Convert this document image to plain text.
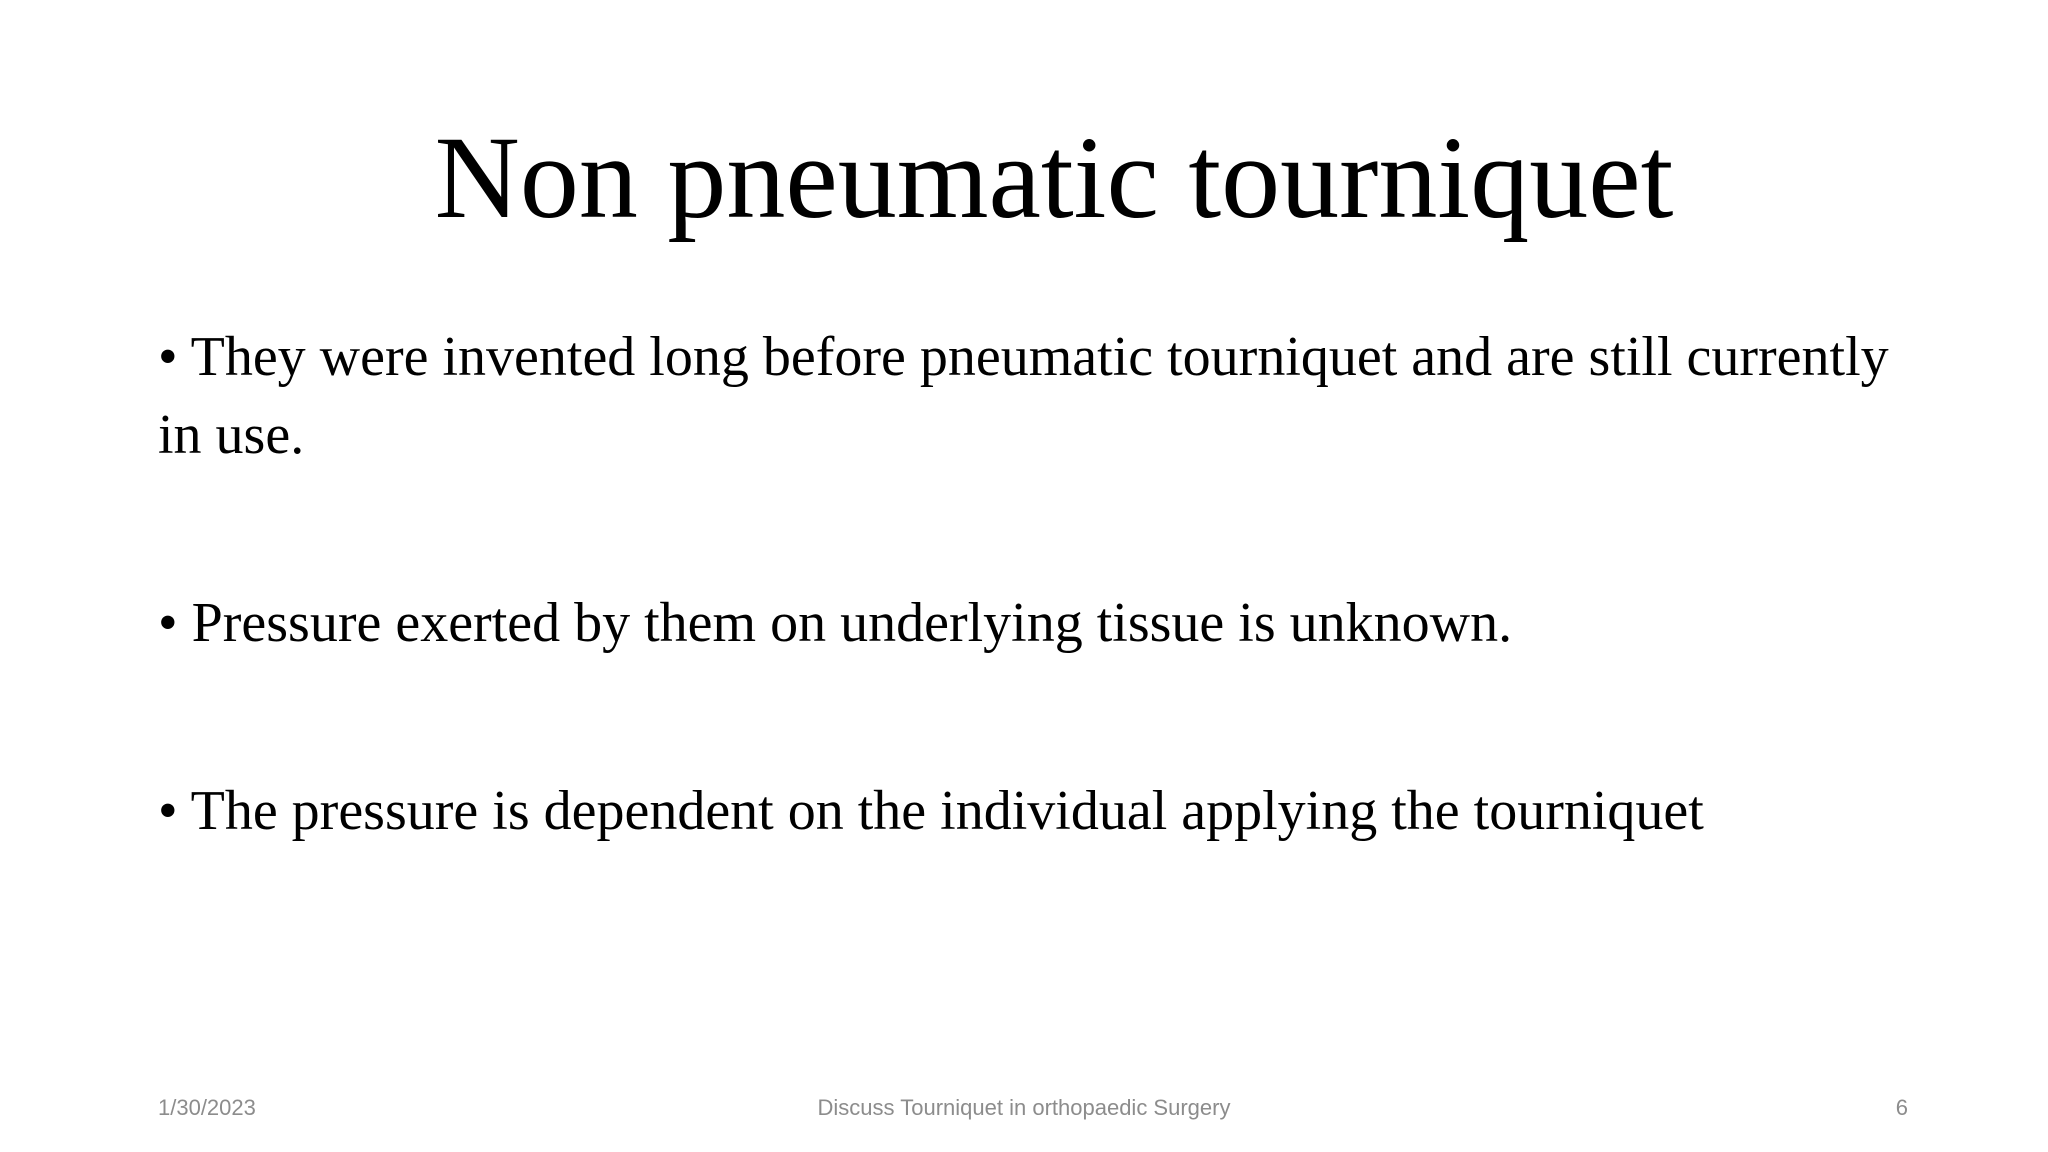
Non pneumatic tourniquet
• They were invented long before pneumatic tourniquet and are still currently in use.
• Pressure exerted by them on underlying tissue is unknown.
• The pressure is dependent on the individual applying the tourniquet
1/30/2023	Discuss Tourniquet in orthopaedic Surgery	6
